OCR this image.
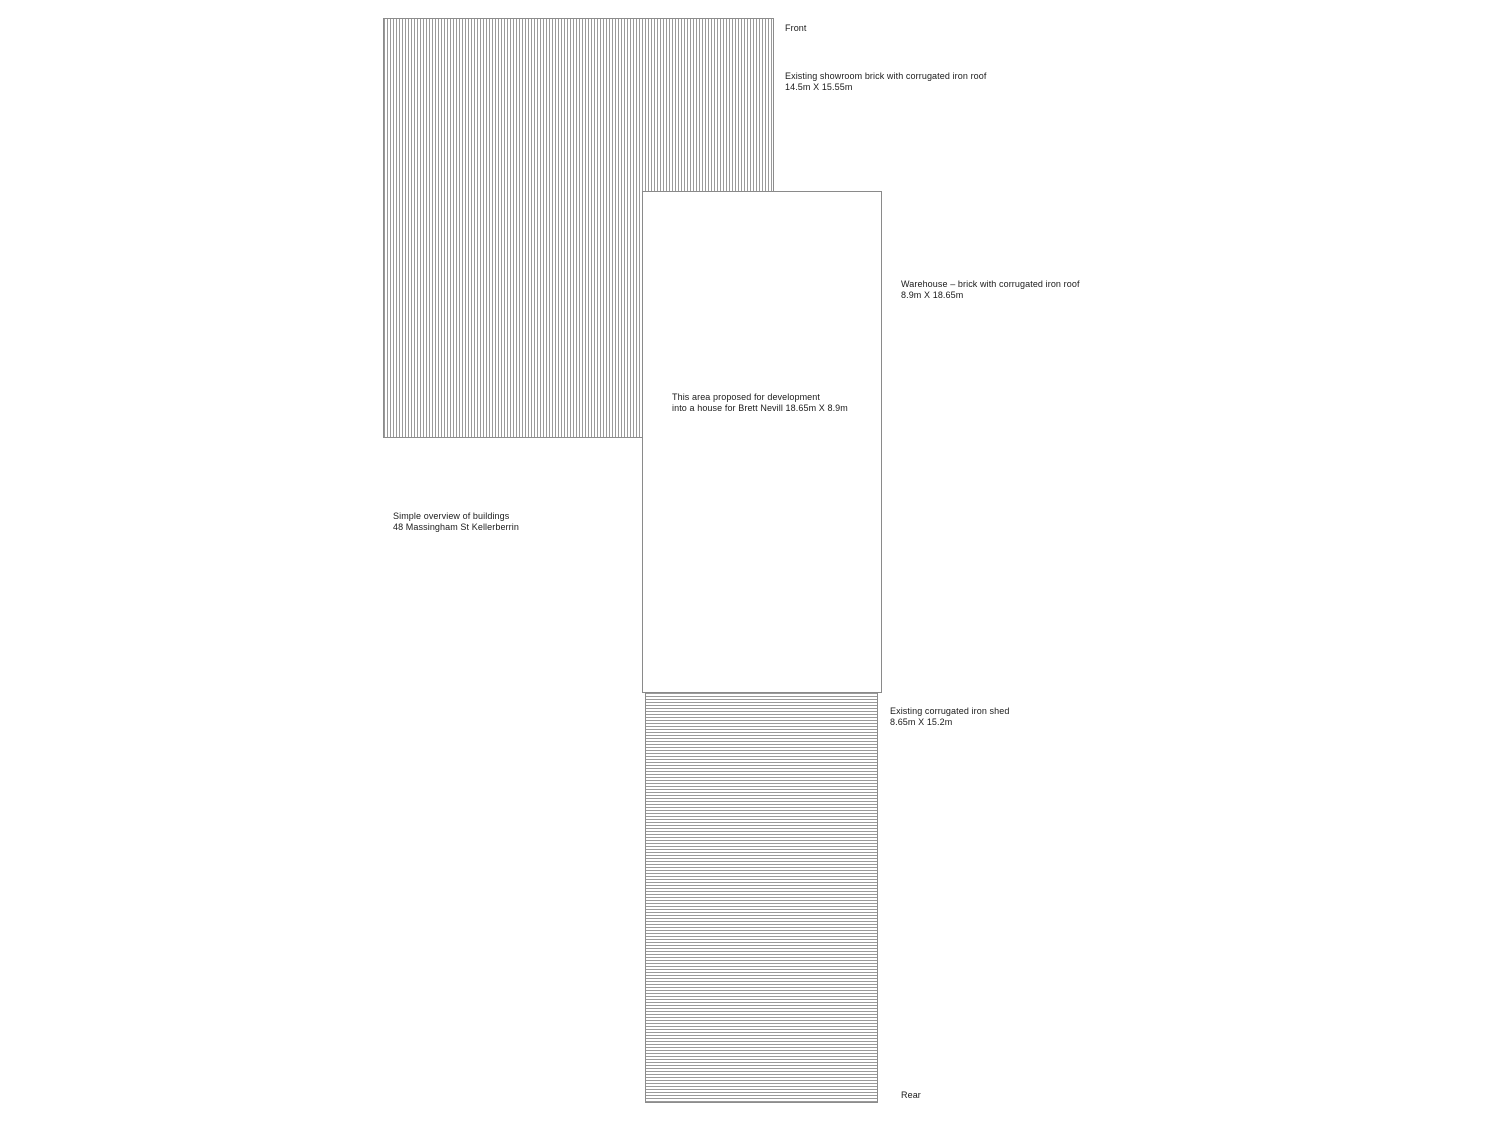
Front
Existing showroom brick with corrugated iron roof
14.5m X 15.55m
Warehouse – brick with corrugated iron roof
8.9m X 18.65m
This area proposed for development
into a house for Brett Nevill 18.65m X 8.9m
Simple overview of buildings
48 Massingham St Kellerberrin
Existing corrugated iron shed
8.65m X 15.2m
Rear
